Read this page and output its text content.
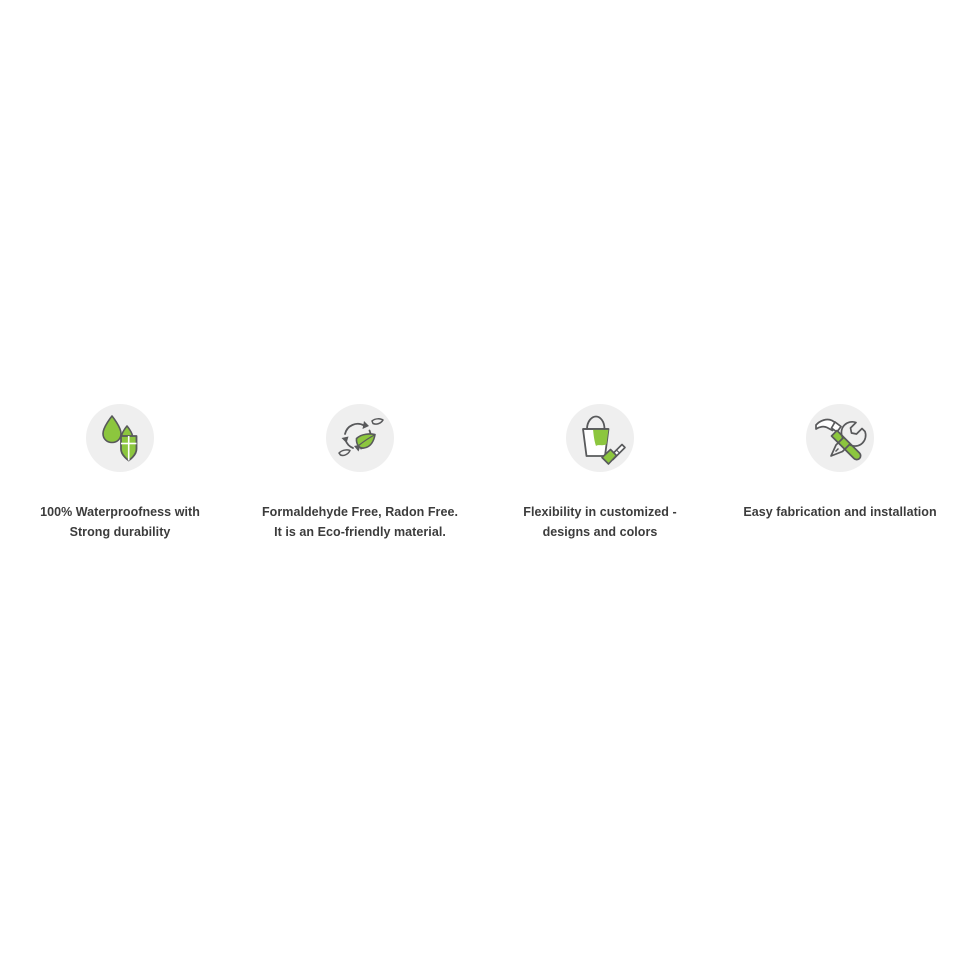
100% Waterproofness with
Strong durability
Formaldehyde Free, Radon Free.
It is an Eco-friendly material.
Flexibility in customized -
designs and colors
Easy fabrication and installation
